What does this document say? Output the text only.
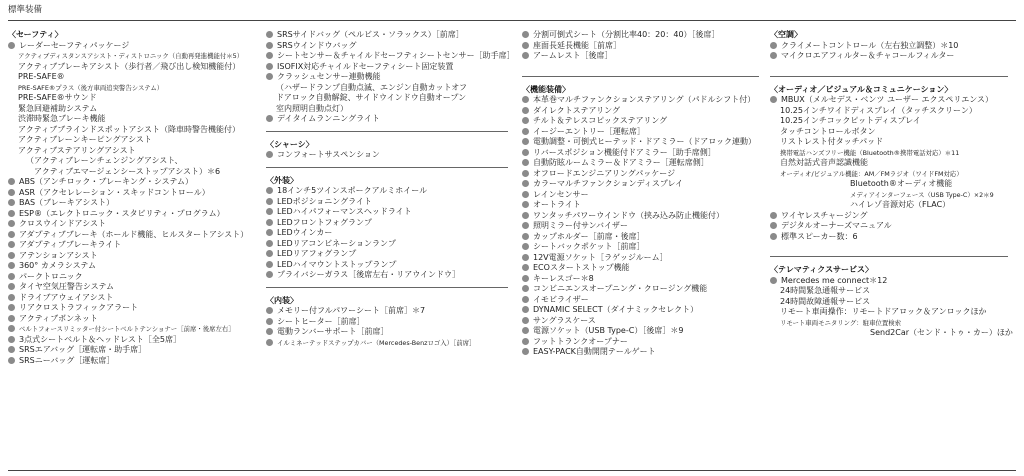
標準装備
〈セーフティ〉
レーダーセーフティパッケージ
アクティブディスタンスアシスト・ディストロニック（自動再発進機能付＊5）
アクティブブレーキアシスト（歩行者／飛び出し検知機能付）
PRE-SAFE®
PRE-SAFE®プラス（後方車両追突警告システム）
PRE-SAFE®サウンド
緊急回避補助システム
渋滞時緊急ブレーキ機能
アクティブブラインドスポットアシスト（降車時警告機能付）
アクティブレーンキーピングアシスト
アクティブステアリングアシスト
（アクティブレーンチェンジングアシスト、
アクティブエマージェンシーストップアシスト）＊6
ABS（アンチロック・ブレーキング・システム）
ASR（アクセレレーション・スキッドコントロール）
BAS（ブレーキアシスト）
ESP®（エレクトロニック・スタビリティ・プログラム）
クロスウインドアシスト
アダプティブブレーキ（ホールド機能、ヒルスタートアシスト）
アダプティブブレーキライト
アテンションアシスト
360° カメラシステム
パークトロニック
タイヤ空気圧警告システム
ドライブアウェイアシスト
リアクロストラフィックアラート
アクティブボンネット
ベルトフォースリミッター付シートベルトテンショナー［前席・後席左右］
3点式シートベルト＆ヘッドレスト［全5席］
SRSエアバッグ［運転席・助手席］
SRSニーバッグ［運転席］
SRSサイドバッグ（ペルビス・ソラックス）［前席］
SRSウインドウバッグ
シートセンサー＆チャイルドセーフティシートセンサー［助手席］
ISOFIX対応チャイルドセーフティシート固定装置
クラッシュセンサー連動機能
（ハザードランプ自動点滅、エンジン自動カットオフ
ドアロック自動解錠、サイドウインドウ自動オープン
室内照明自動点灯）
デイタイムランニングライト
〈シャーシ〉
コンフォートサスペンション
〈外装〉
18インチ5ツインスポークアルミホイール
LEDポジショニングライト
LEDハイパフォーマンスヘッドライト
LEDフロントフォグランプ
LEDウインカー
LEDリアコンビネーションランプ
LEDリアフォグランプ
LEDハイマウントストップランプ
プライバシーガラス［後席左右・リアウインドウ］
〈内装〉
メモリー付フルパワーシート［前席］＊7
シートヒーター［前席］
電動ランバーサポート［前席］
イルミネーテッドステップカバー（Mercedes-Benzロゴ入）［前席］
分割可倒式シート（分割比率40：20：40）［後席］
座面長延長機能［前席］
アームレスト［後席］
〈機能装備〉
本革巻マルチファンクションステアリング（パドルシフト付）
ダイレクトステアリング
チルト＆テレスコピックステアリング
イージーエントリー［運転席］
電動調整・可倒式ヒーテッド・ドアミラー（ドアロック連動）
リバースポジション機能付ドアミラー［助手席側］
自動防眩ルームミラー＆ドアミラー［運転席側］
オフロードエンジニアリングパッケージ
カラーマルチファンクションディスプレイ
レインセンサー
オートライト
ワンタッチパワーウインドウ（挟み込み防止機能付）
照明ミラー付サンバイザー
カップホルダー［前席・後席］
シートバックポケット［前席］
12V電源ソケット［ラゲッジルーム］
ECOスタートストップ機能
キーレスゴー＊8
コンビニエンスオープニング・クロージング機能
イモビライザー
DYNAMIC SELECT（ダイナミックセレクト）
サングラスケース
電源ソケット（USB Type-C）［後席］＊9
フットトランクオープナー
EASY-PACK自動開閉テールゲート
〈空調〉
クライメートコントロール（左右独立調整）＊10
マイクロエアフィルター＆チャコールフィルター
〈オーディオ／ビジュアル＆コミュニケーション〉
MBUX（メルセデス・ベンツ ユーザー エクスペリエンス）
10.25インチワイドディスプレイ（タッチスクリーン）
10.25インチコックピットディスプレイ
タッチコントロールボタン
リストレスト付タッチパッド
携帯電話ハンズフリー機能（Bluetooth®携帯電話対応）＊11
自然対話式音声認識機能
オーディオ/ビジュアル機能：AM／FMラジオ（ワイドFM対応）
Bluetooth®オーディオ機能
メディアインターフェース（USB Type-C）×2＊9
ハイレゾ音源対応（FLAC）
ワイヤレスチャージング
デジタルオーナーズマニュアル
標準スピーカー数：6
〈テレマティクスサービス〉
Mercedes me connect＊12
24時間緊急通報サービス
24時間故障通報サービス
リモート車両操作：リモートドアロック＆アンロックほか
リモート車両モニタリング：駐車位置検索
Send2Car（センド・トゥ・カー）ほか
